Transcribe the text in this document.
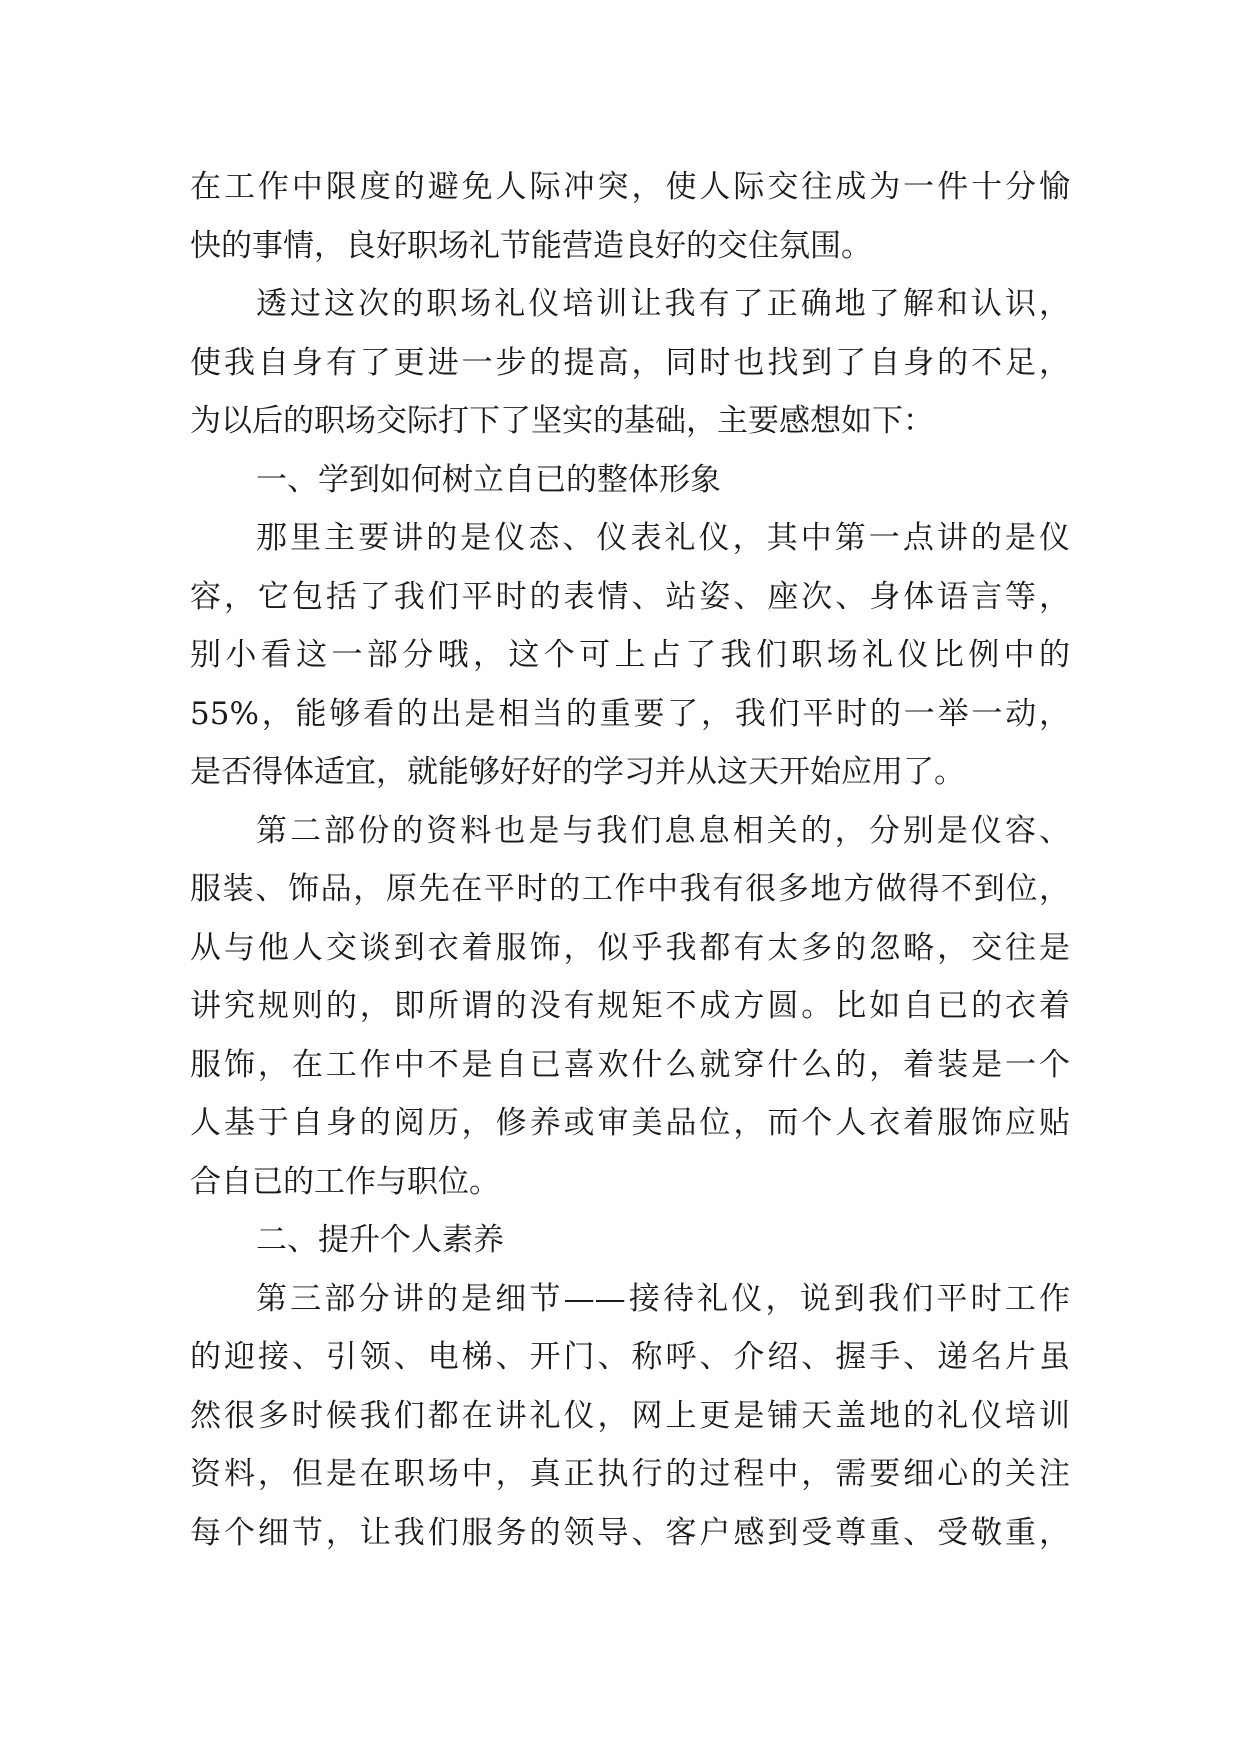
在工作中限度的避免人际冲突，使人际交往成为一件十分愉
快的事情，良好职场礼节能营造良好的交住氛围。
透过这次的职场礼仪培训让我有了正确地了解和认识，
使我自身有了更进一步的提高，同时也找到了自身的不足，
为以后的职场交际打下了坚实的基础，主要感想如下：
一、学到如何树立自已的整体形象
那里主要讲的是仪态、仪表礼仪，其中第一点讲的是仪
容，它包括了我们平时的表情、站姿、座次、身体语言等，
别小看这一部分哦，这个可上占了我们职场礼仪比例中的
55%，能够看的出是相当的重要了，我们平时的一举一动，
是否得体适宜，就能够好好的学习并从这天开始应用了。
第二部份的资料也是与我们息息相关的，分别是仪容、
服装、饰品，原先在平时的工作中我有很多地方做得不到位，
从与他人交谈到衣着服饰，似乎我都有太多的忽略，交往是
讲究规则的，即所谓的没有规矩不成方圆。比如自已的衣着
服饰，在工作中不是自已喜欢什么就穿什么的，着装是一个
人基于自身的阅历，修养或审美品位，而个人衣着服饰应贴
合自已的工作与职位。
二、提升个人素养
第三部分讲的是细节——接待礼仪，说到我们平时工作
的迎接、引领、电梯、开门、称呼、介绍、握手、递名片虽
然很多时候我们都在讲礼仪，网上更是铺天盖地的礼仪培训
资料，但是在职场中，真正执行的过程中，需要细心的关注
每个细节，让我们服务的领导、客户感到受尊重、受敬重，
